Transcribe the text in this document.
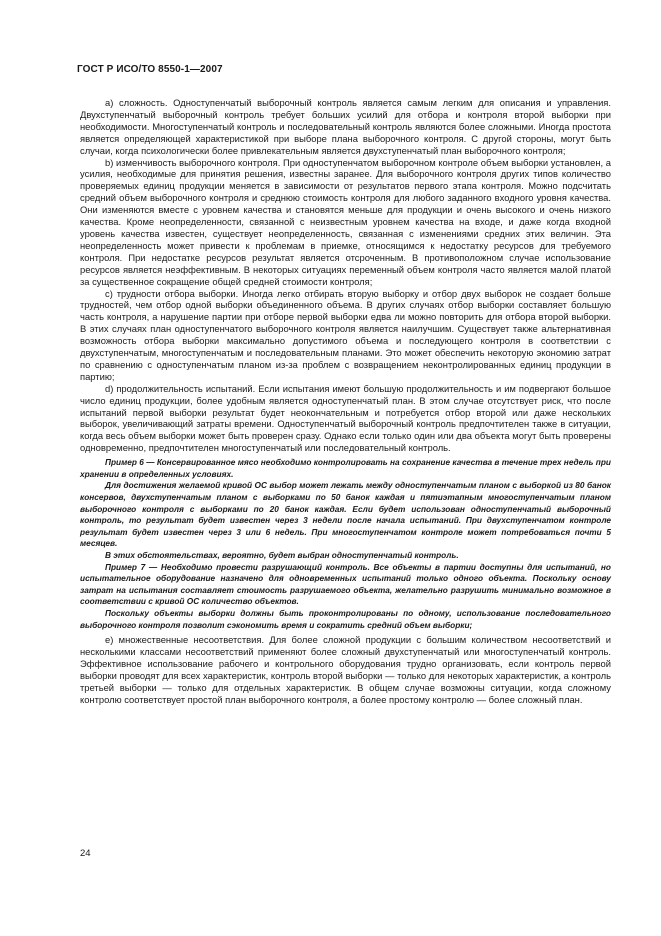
ГОСТ Р ИСО/ТО 8550-1—2007

а) сложность. Одноступенчатый выборочный контроль является самым легким для описания и управления. Двухступенчатый выборочный контроль требует больших усилий для отбора и контроля второй выборки при необходимости. Многоступенчатый контроль и последовательный контроль являются более сложными. Иногда простота является определяющей характеристикой при выборе плана выборочного контроля. С другой стороны, могут быть случаи, когда психологически более привлекательным является двухступенчатый план выборочного контроля;

b) изменчивость выборочного контроля. При одноступенчатом выборочном контроле объем выборки установлен, а усилия, необходимые для принятия решения, известны заранее. Для выборочного контроля других типов количество проверяемых единиц продукции меняется в зависимости от результатов первого этапа контроля. Можно подсчитать средний объем выборочного контроля и среднюю стоимость контроля для любого заданного входного уровня качества. Они изменяются вместе с уровнем качества и становятся меньше для продукции и очень высокого и очень низкого качества. Кроме неопределенности, связанной с неизвестным уровнем качества на входе, и даже когда входной уровень качества известен, существует неопределенность, связанная с изменениями средних этих величин. Эта неопределенность может привести к проблемам в приемке, относящимся к недостатку ресурсов для требуемого контроля. При недостатке ресурсов результат является отсроченным. В противоположном случае использование ресурсов является неэффективным. В некоторых ситуациях переменный объем контроля часто является малой платой за существенное сокращение общей средней стоимости контроля;

с) трудности отбора выборки. Иногда легко отбирать вторую выборку и отбор двух выборок не создает больше трудностей, чем отбор одной выборки объединенного объема. В других случаях отбор выборки составляет большую часть контроля, а нарушение партии при отборе первой выборки едва ли можно повторить для отбора второй выборки. В этих случаях план одноступенчатого выборочного контроля является наилучшим. Существует также альтернативная возможность отбора выборки максимально допустимого объема и последующего контроля в соответствии с двухступенчатым, многоступенчатым и последовательным планами. Это может обеспечить некоторую экономию затрат по сравнению с одноступенчатым планом из-за проблем с возвращением неконтролированных единиц продукции в партию;

d) продолжительность испытаний. Если испытания имеют большую продолжительность и им подвергают большое число единиц продукции, более удобным является одноступенчатый план. В этом случае отсутствует риск, что после испытаний первой выборки результат будет неокончательным и потребуется отбор второй или даже нескольких выборок, увеличивающий затраты времени. Одноступенчатый выборочный контроль предпочтителен также в ситуации, когда весь объем выборки может быть проверен сразу. Однако если только один или два объекта могут быть проверены одновременно, предпочтителен многоступенчатый или последовательный контроль.

Пример 6 — Консервированное мясо необходимо контролировать на сохранение качества в течение трех недель при хранении в определенных условиях.

Для достижения желаемой кривой ОС выбор может лежать между одноступенчатым планом с выборкой из 80 банок консервов, двухступенчатым планом с выборками по 50 банок каждая и пятиэтапным многоступенчатым планом выборочного контроля с выборками по 20 банок каждая. Если будет использован одноступенчатый выборочный контроль, то результат будет известен через 3 недели после начала испытаний. При двухступенчатом контроле результат будет известен через 3 или 6 недель. При многоступенчатом контроле может потребоваться почти 5 месяцев.

В этих обстоятельствах, вероятно, будет выбран одноступенчатый контроль.

Пример 7 — Необходимо провести разрушающий контроль. Все объекты в партии доступны для испытаний, но испытательное оборудование назначено для одновременных испытаний только одного объекта. Поскольку основу затрат на испытания составляет стоимость разрушаемого объекта, желательно разрушить минимально возможное в соответствии с кривой ОС количество объектов.

Поскольку объекты выборки должны быть проконтролированы по одному, использование последовательного выборочного контроля позволит сэкономить время и сократить средний объем выборки;

е) множественные несоответствия. Для более сложной продукции с большим количеством несоответствий и несколькими классами несоответствий применяют более сложный двухступенчатый или многоступенчатый контроль. Эффективное использование рабочего и контрольного оборудования трудно организовать, если контроль первой выборки проводят для всех характеристик, контроль второй выборки — только для некоторых характеристик, а контроль третьей выборки — только для отдельных характеристик. В общем случае возможны ситуации, когда сложному контролю соответствует простой план выборочного контроля, а более простому контролю — более сложный план.

24
